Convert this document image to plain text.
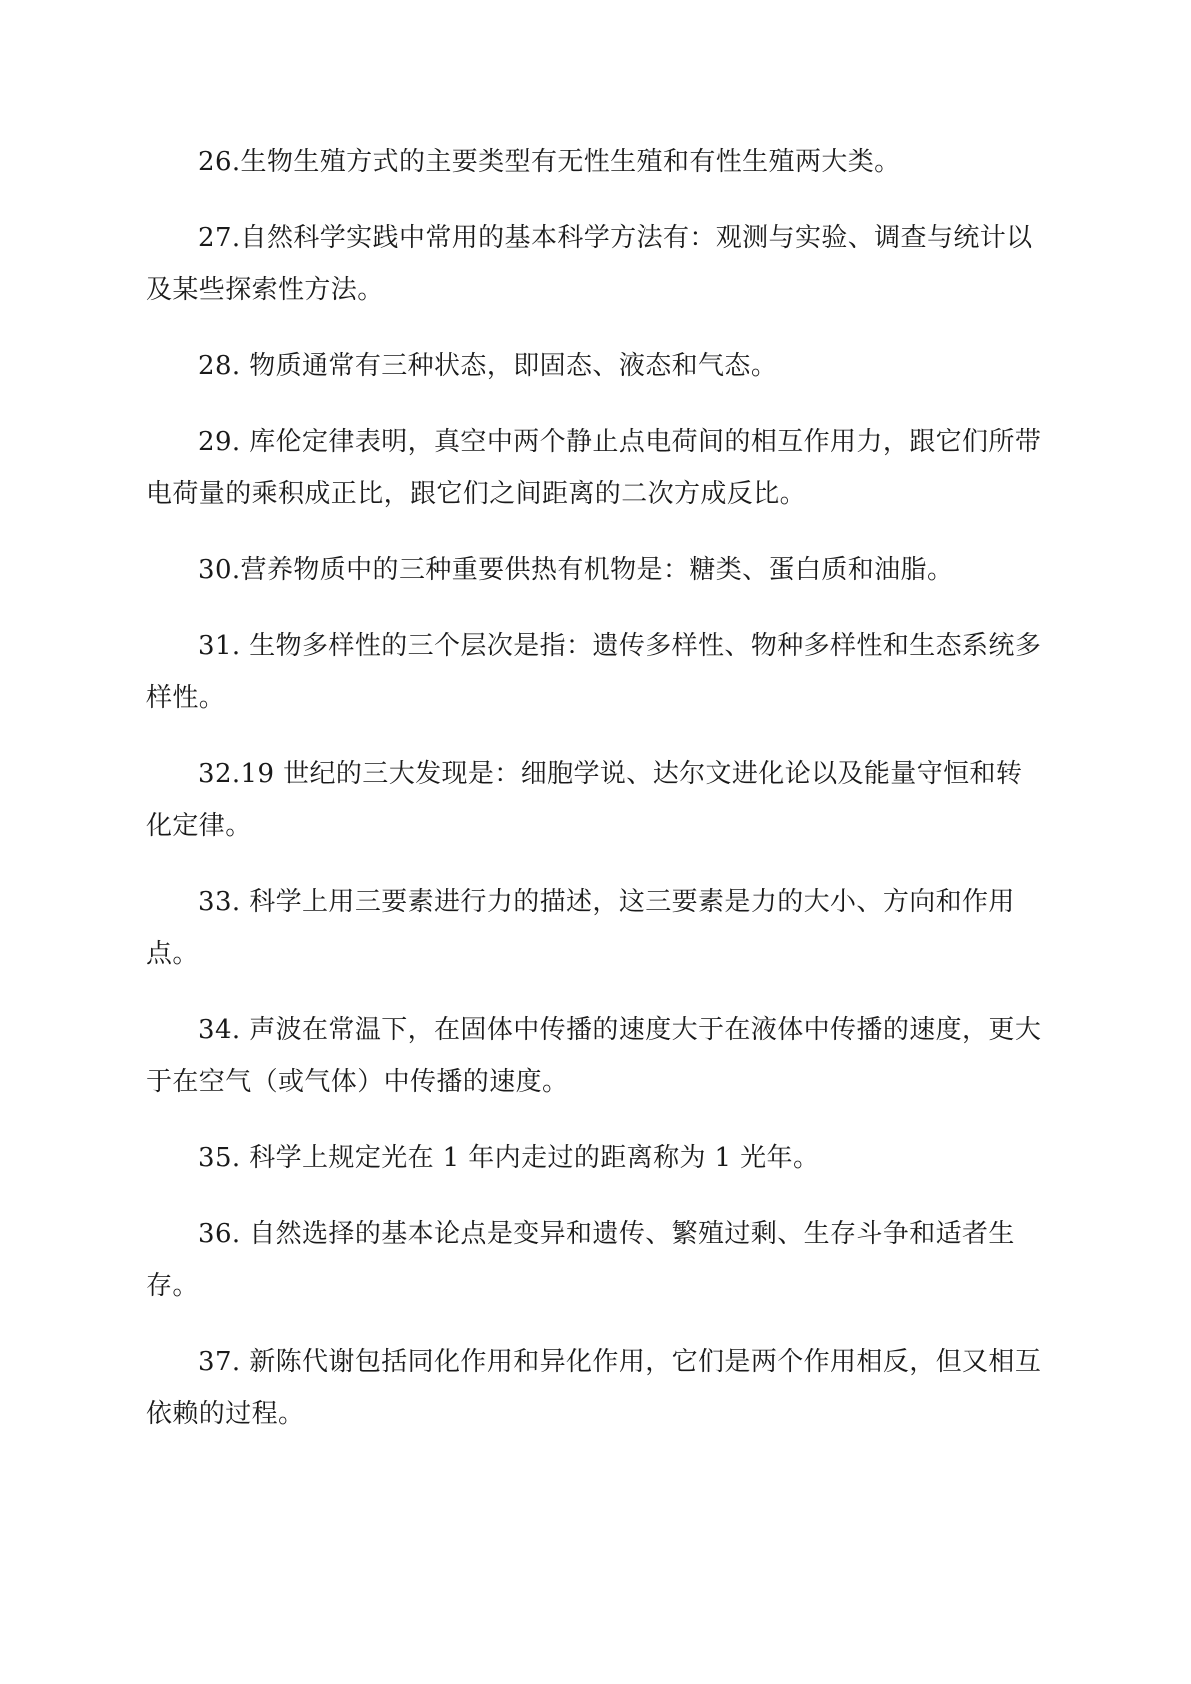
26.生物生殖方式的主要类型有无性生殖和有性生殖两大类。

27.自然科学实践中常用的基本科学方法有：观测与实验、调查与统计以及某些探索性方法。

28. 物质通常有三种状态，即固态、液态和气态。

29. 库伦定律表明，真空中两个静止点电荷间的相互作用力，跟它们所带电荷量的乘积成正比，跟它们之间距离的二次方成反比。

30.营养物质中的三种重要供热有机物是：糖类、蛋白质和油脂。

31. 生物多样性的三个层次是指：遗传多样性、物种多样性和生态系统多样性。

32.19 世纪的三大发现是：细胞学说、达尔文进化论以及能量守恒和转化定律。

33. 科学上用三要素进行力的描述，这三要素是力的大小、方向和作用点。

34. 声波在常温下，在固体中传播的速度大于在液体中传播的速度，更大于在空气（或气体）中传播的速度。

35. 科学上规定光在 1 年内走过的距离称为 1 光年。

36. 自然选择的基本论点是变异和遗传、繁殖过剩、生存斗争和适者生存。

37. 新陈代谢包括同化作用和异化作用，它们是两个作用相反，但又相互依赖的过程。
